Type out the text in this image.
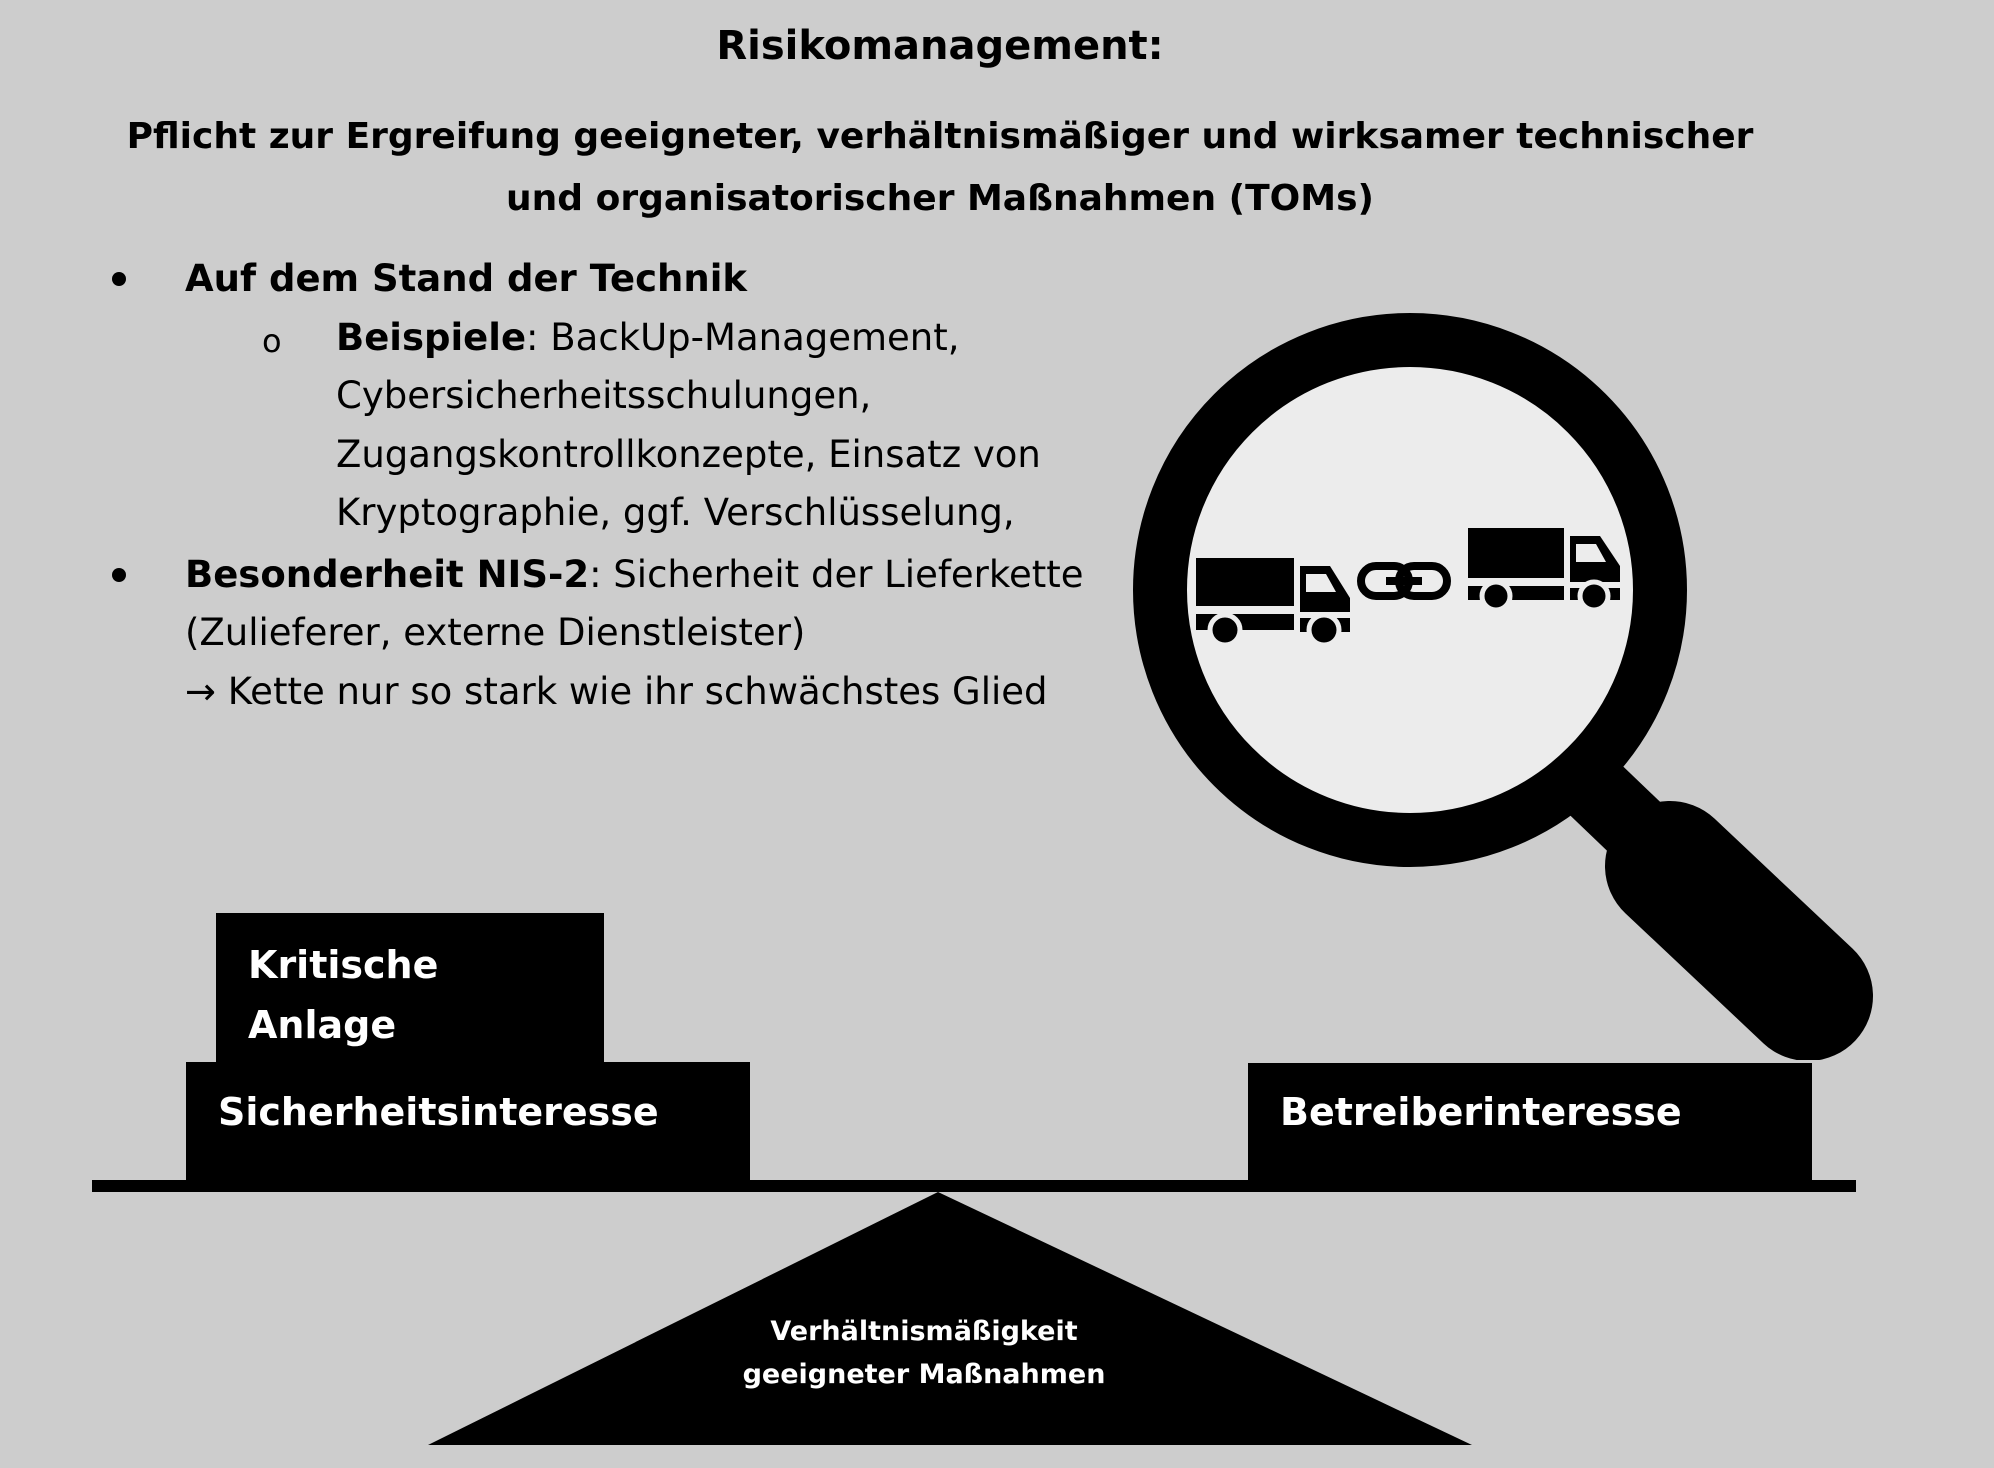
Risikomanagement:
Pflicht zur Ergreifung geeigneter, verhältnismäßiger und wirksamer technischer und organisatorischer Maßnahmen (TOMs)
Auf dem Stand der Technik
o Beispiele: BackUp-Management,
Cybersicherheitsschulungen,
Zugangskontrollkonzepte, Einsatz von
Kryptographie, ggf. Verschlüsselung,
Besonderheit NIS-2: Sicherheit der Lieferkette
(Zulieferer, externe Dienstleister)
→ Kette nur so stark wie ihr schwächstes Glied
Kritische
Anlage
Sicherheitsinteresse	Betreiberinteresse
Verhältnismäßigkeit
geeigneter Maßnahmen
